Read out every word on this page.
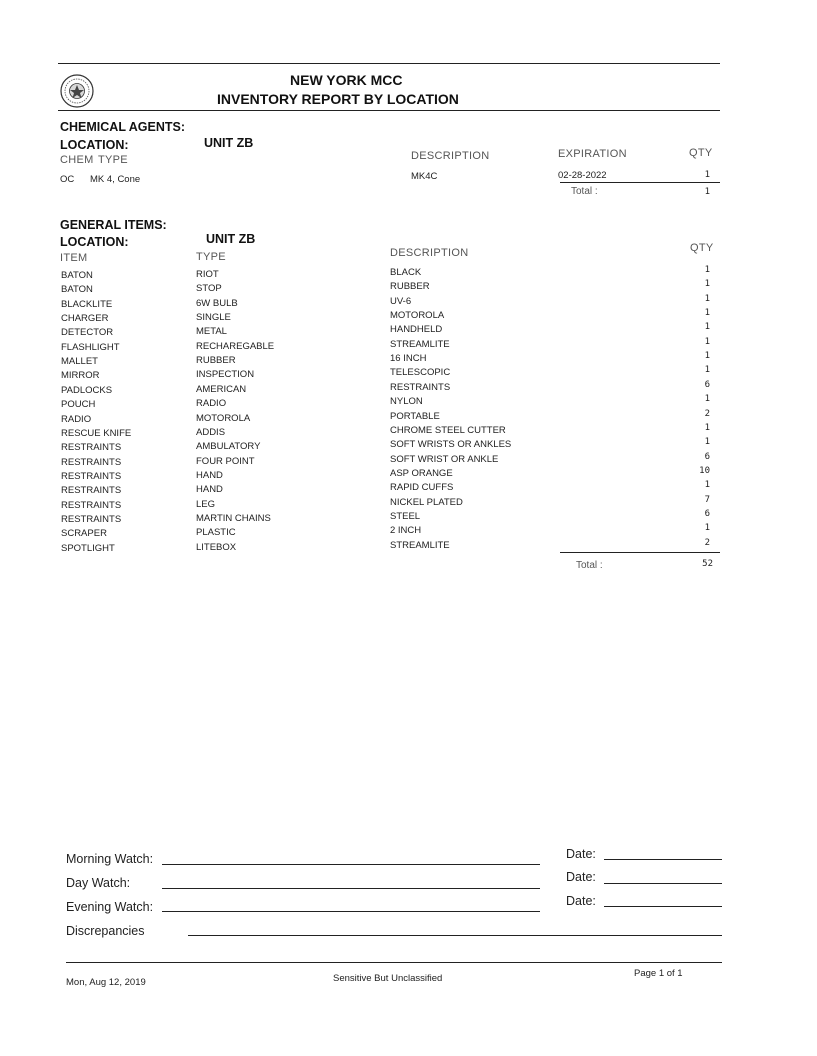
NEW YORK MCC
INVENTORY REPORT BY LOCATION
CHEMICAL AGENTS:
LOCATION:	UNIT ZB
CHEM TYPE	DESCRIPTION	EXPIRATION	QTY
OC MK 4, Cone	MK4C	02-28-2022	1
Total :	1
GENERAL ITEMS:
LOCATION:	UNIT ZB
ITEM	TYPE	DESCRIPTION	QTY
BATON	RIOT	BLACK	1
BATON	STOP	RUBBER	1
BLACKLITE	6W BULB	UV-6	1
CHARGER	SINGLE	MOTOROLA	1
DETECTOR	METAL	HANDHELD	1
FLASHLIGHT	RECHAREGABLE	STREAMLITE	1
MALLET	RUBBER	16 INCH	1
MIRROR	INSPECTION	TELESCOPIC	1
PADLOCKS	AMERICAN	RESTRAINTS	6
POUCH	RADIO	NYLON	1
RADIO	MOTOROLA	PORTABLE	2
RESCUE KNIFE	ADDIS	CHROME STEEL CUTTER	1
RESTRAINTS	AMBULATORY	SOFT WRISTS OR ANKLES	1
RESTRAINTS	FOUR POINT	SOFT WRIST OR ANKLE	6
RESTRAINTS	HAND	ASP ORANGE	10
RESTRAINTS	HAND	RAPID CUFFS	1
RESTRAINTS	LEG	NICKEL PLATED	7
RESTRAINTS	MARTIN CHAINS	STEEL	6
SCRAPER	PLASTIC	2 INCH	1
SPOTLIGHT	LITEBOX	STREAMLITE	2
Total :	52
Morning Watch:	Date:
Day Watch:	Date:
Evening Watch:	Date:
Discrepancies
Mon, Aug 12, 2019	Sensitive But Unclassified	Page 1 of 1
